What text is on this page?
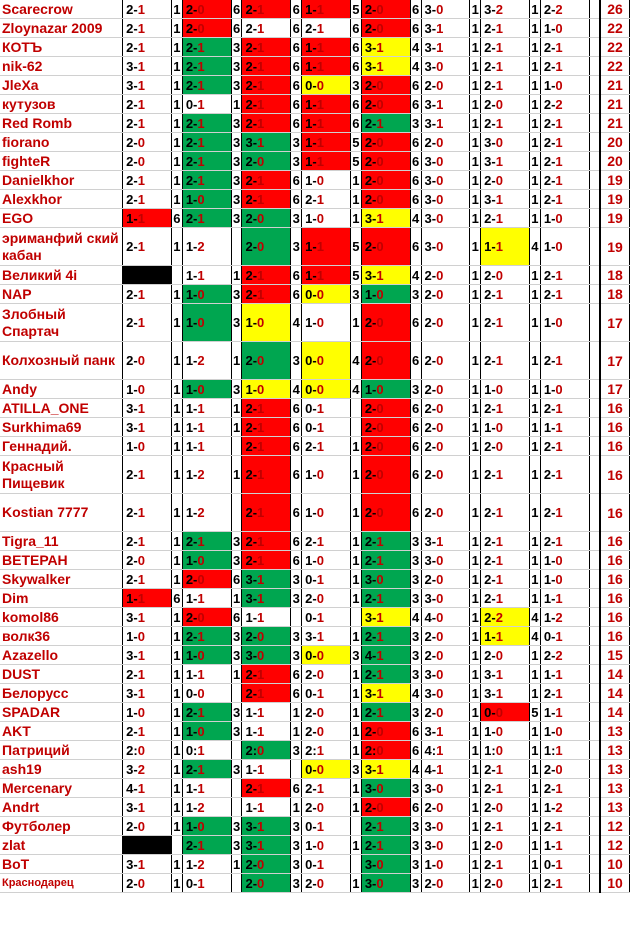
Scarecrow	2-1	1	2-0	6	2-1	6	1-1	5	2-0	6	3-0	1	3-2	1	2-2		26
Zloynazar 2009	2-1	1	2-0	6	2-1	6	2-1	6	2-0	6	3-1	1	2-1	1	1-0		22
КОТЪ	2-1	1	2-1	3	2-1	6	1-1	6	3-1	4	3-1	1	2-1	1	2-1		22
nik-62	3-1	1	2-1	3	2-1	6	1-1	6	3-1	4	3-0	1	2-1	1	2-1		22
JleXa	3-1	1	2-1	3	2-1	6	0-0	3	2-0	6	2-0	1	2-1	1	1-0		21
кутузов	2-1	1	0-1	1	2-1	6	1-1	6	2-0	6	3-1	1	2-0	1	2-2		21
Red Romb	2-1	1	2-1	3	2-1	6	1-1	6	2-1	3	3-1	1	2-1	1	2-1		21
fiorano	2-0	1	2-1	3	3-1	3	1-1	5	2-0	6	2-0	1	3-0	1	2-1		20
fighteR	2-0	1	2-1	3	2-0	3	1-1	5	2-0	6	3-0	1	3-1	1	2-1		20
Danielkhor	2-1	1	2-1	3	2-1	6	1-0	1	2-0	6	3-0	1	2-0	1	2-1		19
Alexkhor	2-1	1	1-0	3	2-1	6	2-1	1	2-0	6	3-0	1	3-1	1	2-1		19
EGO	1-1	6	2-1	3	2-0	3	1-0	1	3-1	4	3-0	1	2-1	1	1-0		19
эриманфий ский кабан	2-1	1	1-2		2-0	3	1-1	5	2-0	6	3-0	1	1-1	4	1-0		19
Великий 4i			1-1	1	2-1	6	1-1	5	3-1	4	2-0	1	2-0	1	2-1		18
NAP	2-1	1	1-0	3	2-1	6	0-0	3	1-0	3	2-0	1	2-1	1	2-1		18
Злобный Спартач	2-1	1	1-0	3	1-0	4	1-0	1	2-0	6	2-0	1	2-1	1	1-0		17
Колхозный панк	2-0	1	1-2	1	2-0	3	0-0	4	2-0	6	2-0	1	2-1	1	2-1		17
Andy	1-0	1	1-0	3	1-0	4	0-0	4	1-0	3	2-0	1	1-0	1	1-0		17
ATILLA_ONE	3-1	1	1-1	1	2-1	6	0-1		2-0	6	2-0	1	2-1	1	2-1		16
Surkhima69	3-1	1	1-1	1	2-1	6	0-1		2-0	6	2-0	1	1-0	1	1-1		16
Геннадий.	1-0	1	1-1		2-1	6	2-1	1	2-0	6	2-0	1	2-0	1	2-1		16
Красный Пищевик	2-1	1	1-2	1	2-1	6	1-0	1	2-0	6	2-0	1	2-1	1	2-1		16
Kostian 7777	2-1	1	1-2		2-1	6	1-0	1	2-0	6	2-0	1	2-1	1	2-1		16
Tigra_11	2-1	1	2-1	3	2-1	6	2-1	1	2-1	3	3-1	1	2-1	1	2-1		16
ВЕТЕРАН	2-0	1	1-0	3	2-1	6	1-0	1	2-1	3	3-0	1	2-1	1	1-0		16
Skywalker	2-1	1	2-0	6	3-1	3	0-1	1	3-0	3	2-0	1	2-1	1	1-0		16
Dim	1-1	6	1-1	1	3-1	3	2-0	1	2-1	3	3-0	1	2-1	1	1-1		16
komol86	3-1	1	2-0	6	1-1		0-1		3-1	4	4-0	1	2-2	4	1-2		16
волк36	1-0	1	2-1	3	2-0	3	3-1	1	2-1	3	2-0	1	1-1	4	0-1		16
Azazello	3-1	1	1-0	3	3-0	3	0-0	3	4-1	3	2-0	1	2-0	1	2-2		15
DUST	2-1	1	1-1	1	2-1	6	2-0	1	2-1	3	3-0	1	3-1	1	1-1		14
Белорусс	3-1	1	0-0		2-1	6	0-1	1	3-1	4	3-0	1	3-1	1	2-1		14
SPADAR	1-0	1	2-1	3	1-1	1	2-0	1	2-1	3	2-0	1	0-0	5	1-1		14
AKT	2-1	1	1-0	3	1-1	1	2-0	1	2-0	6	3-1	1	1-0	1	1-0		13
Патриций	2:0	1	0:1		2:0	3	2:1	1	2:0	6	4:1	1	1:0	1	1:1		13
ash19	3-2	1	2-1	3	1-1		0-0	3	3-1	4	4-1	1	2-1	1	2-0		13
Mercenary	4-1	1	1-1		2-1	6	2-1	1	3-0	3	3-0	1	2-1	1	2-1		13
Andrt	3-1	1	1-2		1-1	1	2-0	1	2-0	6	2-0	1	2-0	1	1-2		13
Футболер	2-0	1	1-0	3	3-1	3	0-1		2-1	3	3-0	1	2-1	1	2-1		12
zlat			2-1	3	3-1	3	1-0	1	2-1	3	3-0	1	2-0	1	1-1		12
BoT	3-1	1	1-2	1	2-0	3	0-1		3-0	3	1-0	1	2-1	1	0-1		10
Краснодарец	2-0	1	0-1		2-0	3	2-0	1	3-0	3	2-0	1	2-0	1	2-1		10
